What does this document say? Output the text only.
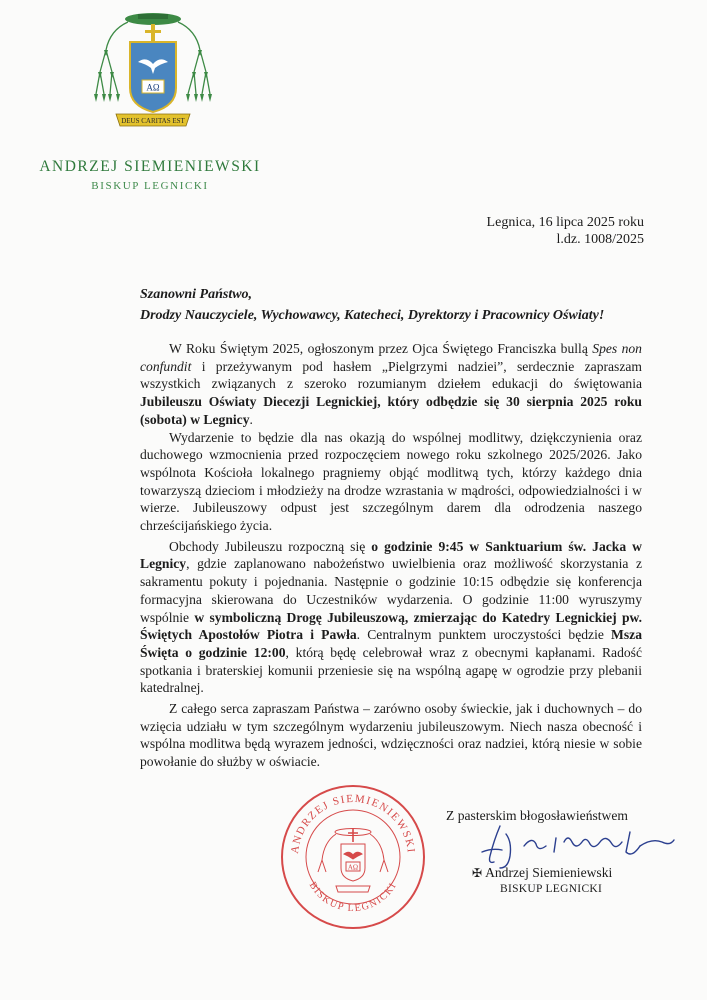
AΩ
DEUS CARITAS EST
ANDRZEJ SIEMIENIEWSKI
BISKUP LEGNICKI
Legnica, 16 lipca 2025 roku
l.dz. 1008/2025
Szanowni Państwo,
Drodzy Nauczyciele, Wychowawcy, Katecheci, Dyrektorzy i Pracownicy Oświaty!

W Roku Świętym 2025, ogłoszonym przez Ojca Świętego Franciszka bullą Spes non confundit i przeżywanym pod hasłem „Pielgrzymi nadziei”, serdecznie zapraszam wszystkich związanych z szeroko rozumianym dziełem edukacji do świętowania Jubileuszu Oświaty Diecezji Legnickiej, który odbędzie się 30 sierpnia 2025 roku (sobota) w Legnicy.

Wydarzenie to będzie dla nas okazją do wspólnej modlitwy, dziękczynienia oraz duchowego wzmocnienia przed rozpoczęciem nowego roku szkolnego 2025/2026. Jako wspólnota Kościoła lokalnego pragniemy objąć modlitwą tych, którzy każdego dnia towarzyszą dzieciom i młodzieży na drodze wzrastania w mądrości, odpowiedzialności i w wierze. Jubileuszowy odpust jest szczególnym darem dla odrodzenia naszego chrześcijańskiego życia.

Obchody Jubileuszu rozpoczną się o godzinie 9:45 w Sanktuarium św. Jacka w Legnicy, gdzie zaplanowano nabożeństwo uwielbienia oraz możliwość skorzystania z sakramentu pokuty i pojednania. Następnie o godzinie 10:15 odbędzie się konferencja formacyjna skierowana do Uczestników wydarzenia. O godzinie 11:00 wyruszymy wspólnie w symboliczną Drogę Jubileuszową, zmierzając do Katedry Legnickiej pw. Świętych Apostołów Piotra i Pawła. Centralnym punktem uroczystości będzie Msza Święta o godzinie 12:00, którą będę celebrował wraz z obecnymi kapłanami. Radość spotkania i braterskiej komunii przeniesie się na wspólną agapę w ogrodzie przy plebanii katedralnej.

Z całego serca zapraszam Państwa – zarówno osoby świeckie, jak i duchownych – do wzięcia udziału w tym szczególnym wydarzeniu jubileuszowym. Niech nasza obecność i wspólna modlitwa będą wyrazem jedności, wdzięczności oraz nadziei, którą niesie w sobie powołanie do służby w oświacie.

ANDRZEJ SIEMIENIEWSKI
BISKUP LEGNICKI
AΩ
Z pasterskim błogosławieństwem
✠ Andrzej Siemieniewski
BISKUP LEGNICKI
